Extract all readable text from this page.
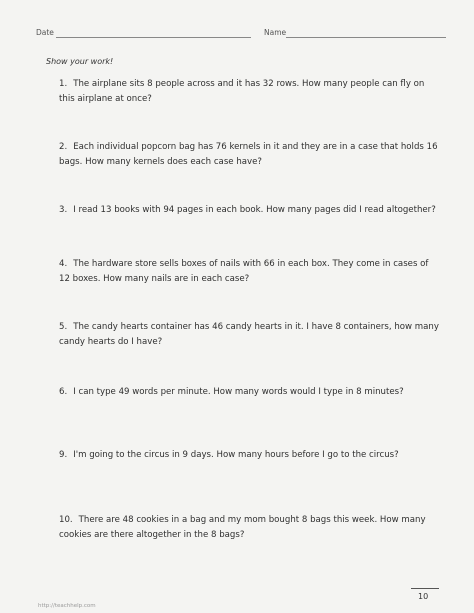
Date	Name
Show your work!
1. The airplane sits 8 people across and it has 32 rows. How many people can fly on this airplane at once?
2. Each individual popcorn bag has 76 kernels in it and they are in a case that holds 16 bags. How many kernels does each case have?
3. I read 13 books with 94 pages in each book. How many pages did I read altogether?
4. The hardware store sells boxes of nails with 66 in each box. They come in cases of 12 boxes. How many nails are in each case?
5. The candy hearts container has 46 candy hearts in it. I have 8 containers, how many candy hearts do I have?
6. I can type 49 words per minute. How many words would I type in 8 minutes?
9. I'm going to the circus in 9 days. How many hours before I go to the circus?
10. There are 48 cookies in a bag and my mom bought 8 bags this week. How many cookies are there altogether in the 8 bags?
10
http://teachhelp.com
